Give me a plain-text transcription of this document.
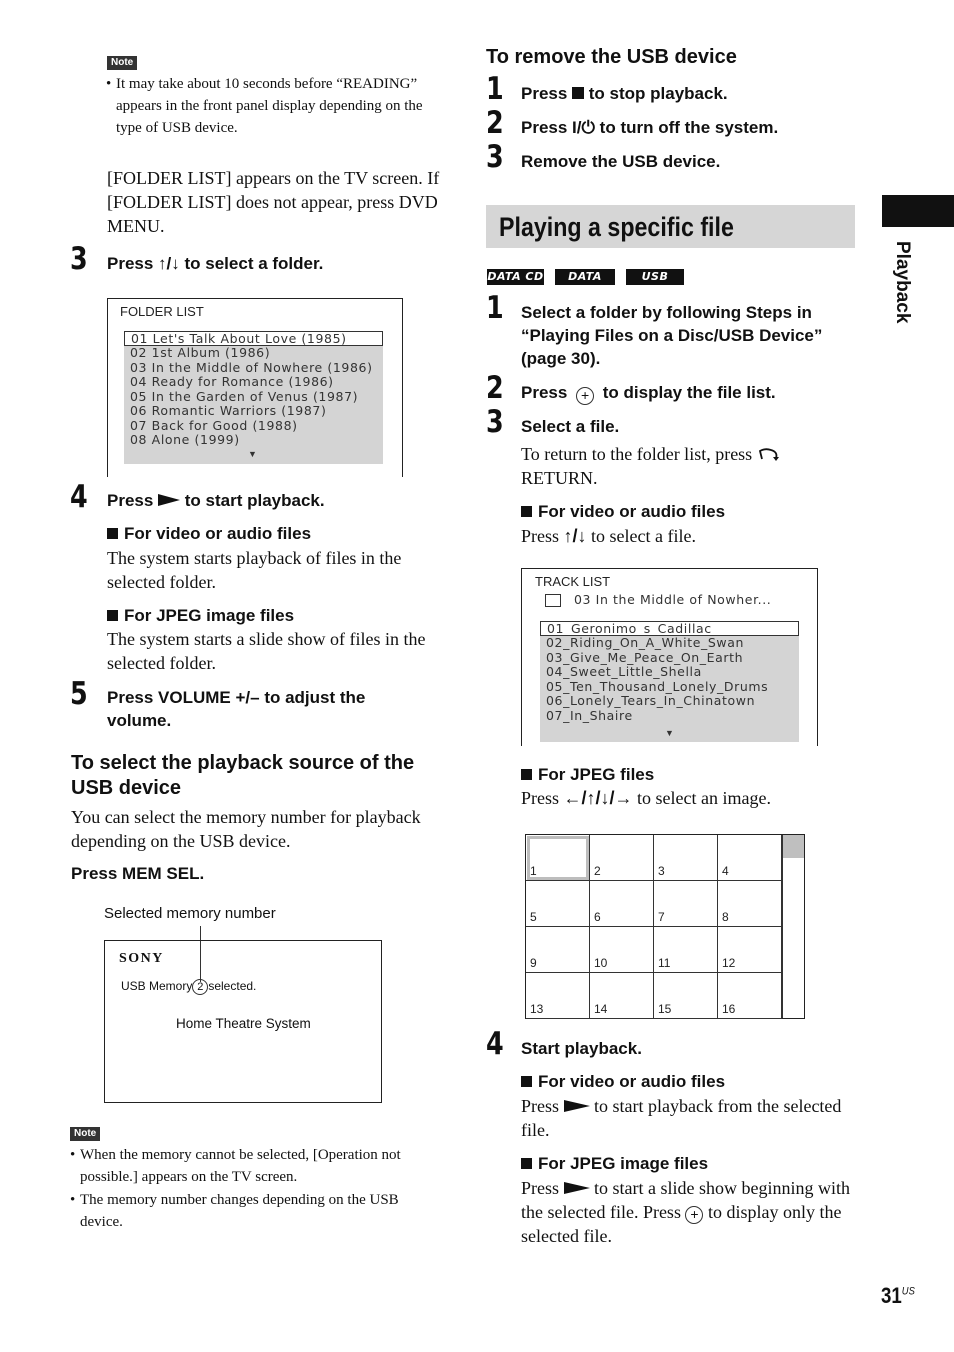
Note
• It may take about 10 seconds before “READING” appears in the front panel display depending on the type of USB device.
[FOLDER LIST] appears on the TV screen. If [FOLDER LIST] does not appear, press DVD MENU.
3 Press ↑/↓ to select a folder.
FOLDER LIST
01 Let's Talk About Love (1985)
02 1st Album (1986)
03 In the Middle of Nowhere (1986)
04 Ready for Romance (1986)
05 In the Garden of Venus (1987)
06 Romantic Warriors (1987)
07 Back for Good (1988)
08 Alone (1999)
▼
4 Press  to start playback.
For video or audio files
The system starts playback of files in the selected folder.
For JPEG image files
The system starts a slide show of files in the selected folder.
5 Press VOLUME +/– to adjust the volume.
To select the playback source of the USB device
You can select the memory number for playback depending on the USB device.
Press MEM SEL.
Selected memory number
SONY
USB Memory 2 selected.
Home Theatre System
Note
• When the memory cannot be selected, [Operation not possible.] appears on the TV screen.
• The memory number changes depending on the USB device.
To remove the USB device
1 Press  to stop playback.
2 Press I/⏻ to turn off the system.
3 Remove the USB device.
Playing a specific file
DATA CD	DATA DVD
USB
1 Select a folder by following Steps in “Playing Files on a Disc/USB Device” (page 30).
2 Press + to display the file list.
3 Select a file.
To return to the folder list, press
RETURN.
For video or audio files
Press ↑/↓ to select a file.
TRACK LIST
03 In the Middle of Nowher...
01_Geronimo_s_Cadillac
02_Riding_On_A_White_Swan
03_Give_Me_Peace_On_Earth
04_Sweet_Little_Shella
05_Ten_Thousand_Lonely_Drums
06_Lonely_Tears_In_Chinatown
07_In_Shaire
▼
For JPEG files
Press ←/↑/↓/→ to select an image.
1	2	3	4
5	6	7	8
9	10	11	12
13	14	15	16
4 Start playback.
For video or audio files
Press  to start playback from the selected file.
For JPEG image files
Press  to start a slide show beginning with the selected file. Press + to display only the selected file.
Playback
$31^{US}$
